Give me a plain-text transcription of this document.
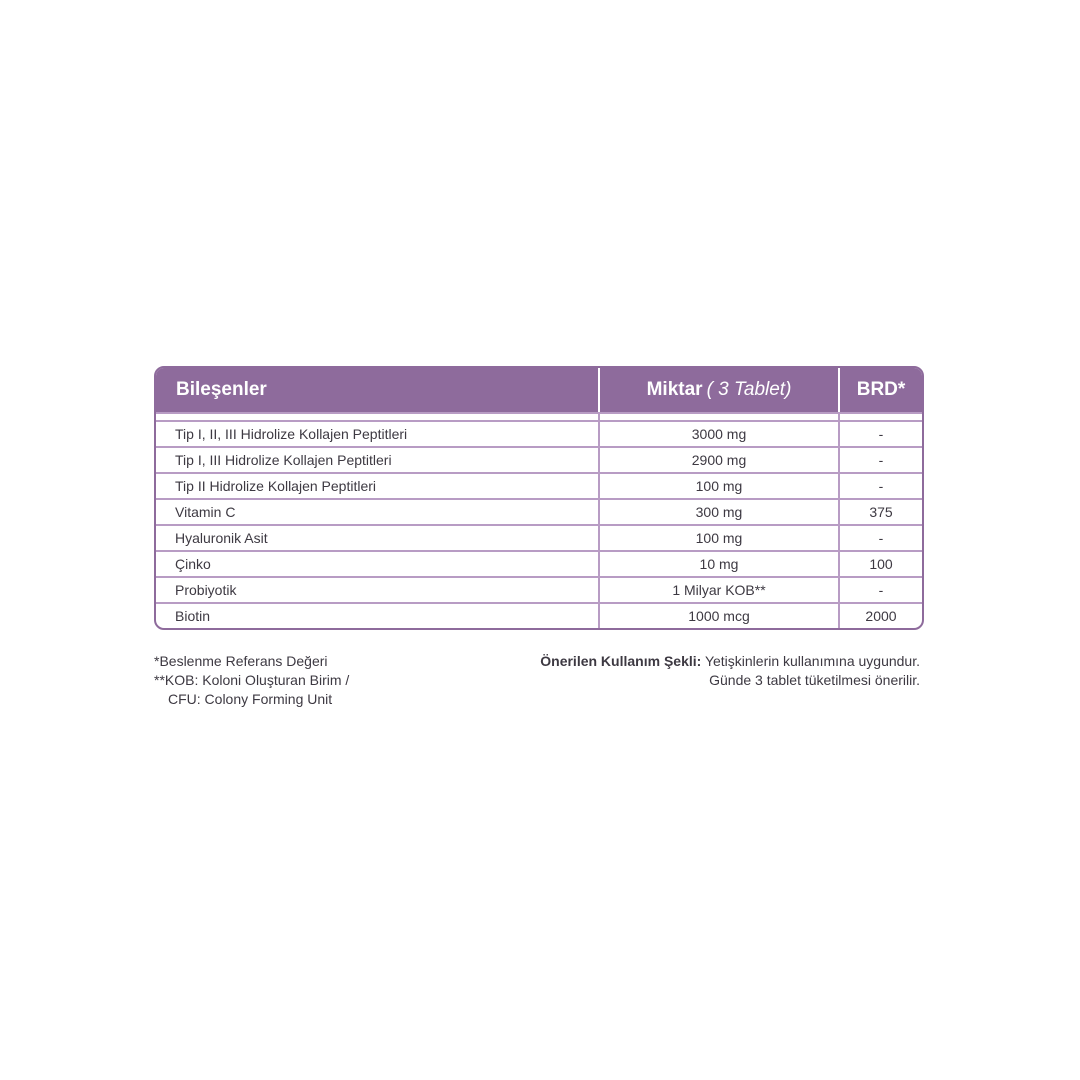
Bileşenler	Miktar ( 3 Tablet)	BRD*
Tip I, II, III Hidrolize Kollajen Peptitleri	3000 mg	-
Tip I, III Hidrolize Kollajen Peptitleri	2900 mg	-
Tip II Hidrolize Kollajen Peptitleri	100 mg	-
Vitamin C	300 mg	375
Hyaluronik Asit	100 mg	-
Çinko	10 mg	100
Probiyotik	1 Milyar KOB**	-
Biotin	1000 mcg	2000
*Beslenme Referans Değeri
**KOB: Koloni Oluşturan Birim /
CFU: Colony Forming Unit
Önerilen Kullanım Şekli: Yetişkinlerin kullanımına uygundur.
Günde 3 tablet tüketilmesi önerilir.
